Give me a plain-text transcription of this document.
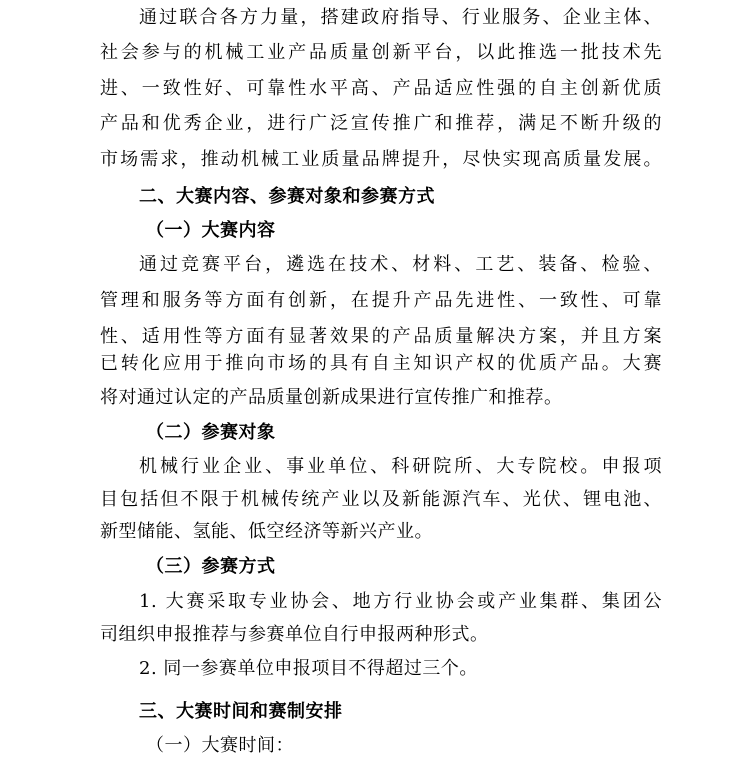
通过联合各方力量，搭建政府指导、行业服务、企业主体、
社会参与的机械工业产品质量创新平台，以此推选一批技术先
进、一致性好、可靠性水平高、产品适应性强的自主创新优质
产品和优秀企业，进行广泛宣传推广和推荐，满足不断升级的
市场需求，推动机械工业质量品牌提升，尽快实现高质量发展。
二、大赛内容、参赛对象和参赛方式
（一）大赛内容
通过竞赛平台，遴选在技术、材料、工艺、装备、检验、
管理和服务等方面有创新，在提升产品先进性、一致性、可靠
性、适用性等方面有显著效果的产品质量解决方案，并且方案
已转化应用于推向市场的具有自主知识产权的优质产品。大赛
将对通过认定的产品质量创新成果进行宣传推广和推荐。
（二）参赛对象
机械行业企业、事业单位、科研院所、大专院校。申报项
目包括但不限于机械传统产业以及新能源汽车、光伏、锂电池、
新型储能、氢能、低空经济等新兴产业。
（三）参赛方式
1. 大赛采取专业协会、地方行业协会或产业集群、集团公
司组织申报推荐与参赛单位自行申报两种形式。
2. 同一参赛单位申报项目不得超过三个。
三、大赛时间和赛制安排
（一）大赛时间：
